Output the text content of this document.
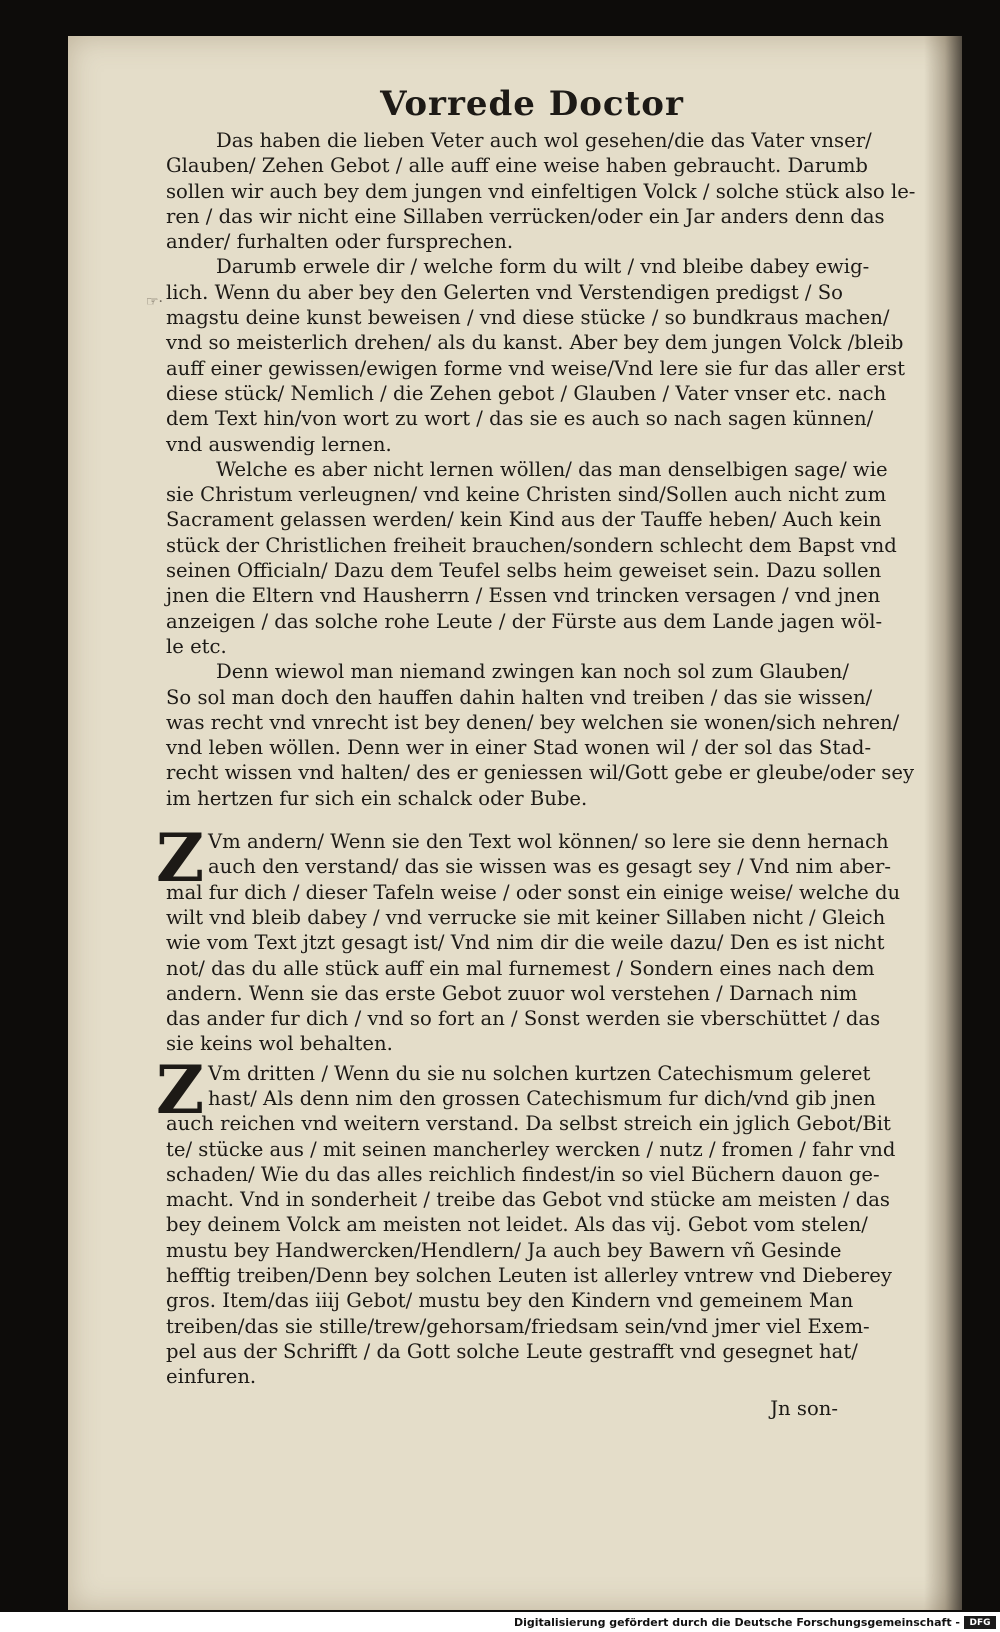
☞·
Vorrede Doctor
Das haben die lieben Veter auch wol gesehen/die das Vater vnser/
Glauben/ Zehen Gebot / alle auff eine weise haben gebraucht. Darumb
sollen wir auch bey dem jungen vnd einfeltigen Volck / solche stück also le-
ren / das wir nicht eine Sillaben verrücken/oder ein Jar anders denn das
ander/ furhalten oder fursprechen.
Darumb erwele dir / welche form du wilt / vnd bleibe dabey ewig-
lich. Wenn du aber bey den Gelerten vnd Verstendigen predigst / So
magstu deine kunst beweisen / vnd diese stücke / so bundkraus machen/
vnd so meisterlich drehen/ als du kanst. Aber bey dem jungen Volck /bleib
auff einer gewissen/ewigen forme vnd weise/Vnd lere sie fur das aller erst
diese stück/ Nemlich / die Zehen gebot / Glauben / Vater vnser etc. nach
dem Text hin/von wort zu wort / das sie es auch so nach sagen künnen/
vnd auswendig lernen.
Welche es aber nicht lernen wöllen/ das man denselbigen sage/ wie
sie Christum verleugnen/ vnd keine Christen sind/Sollen auch nicht zum
Sacrament gelassen werden/ kein Kind aus der Tauffe heben/ Auch kein
stück der Christlichen freiheit brauchen/sondern schlecht dem Bapst vnd
seinen Officialn/ Dazu dem Teufel selbs heim geweiset sein. Dazu sollen
jnen die Eltern vnd Hausherrn / Essen vnd trincken versagen / vnd jnen
anzeigen / das solche rohe Leute / der Fürste aus dem Lande jagen wöl-
le etc.
Denn wiewol man niemand zwingen kan noch sol zum Glauben/
So sol man doch den hauffen dahin halten vnd treiben / das sie wissen/
was recht vnd vnrecht ist bey denen/ bey welchen sie wonen/sich nehren/
vnd leben wöllen. Denn wer in einer Stad wonen wil / der sol das Stad-
recht wissen vnd halten/ des er geniessen wil/Gott gebe er gleube/oder sey
im hertzen fur sich ein schalck oder Bube.
Z Vm andern/ Wenn sie den Text wol können/ so lere sie denn hernach
auch den verstand/ das sie wissen was es gesagt sey / Vnd nim aber-
mal fur dich / dieser Tafeln weise / oder sonst ein einige weise/ welche du
wilt vnd bleib dabey / vnd verrucke sie mit keiner Sillaben nicht / Gleich
wie vom Text jtzt gesagt ist/ Vnd nim dir die weile dazu/ Den es ist nicht
not/ das du alle stück auff ein mal furnemest / Sondern eines nach dem
andern. Wenn sie das erste Gebot zuuor wol verstehen / Darnach nim
das ander fur dich / vnd so fort an / Sonst werden sie vberschüttet / das
sie keins wol behalten.
Z Vm dritten / Wenn du sie nu solchen kurtzen Catechismum geleret
hast/ Als denn nim den grossen Catechismum fur dich/vnd gib jnen
auch reichen vnd weitern verstand. Da selbst streich ein jglich Gebot/Bit
te/ stücke aus / mit seinen mancherley wercken / nutz / fromen / fahr vnd
schaden/ Wie du das alles reichlich findest/in so viel Büchern dauon ge-
macht. Vnd in sonderheit / treibe das Gebot vnd stücke am meisten / das
bey deinem Volck am meisten not leidet. Als das vij. Gebot vom stelen/
mustu bey Handwercken/Hendlern/ Ja auch bey Bawern vñ Gesinde
hefftig treiben/Denn bey solchen Leuten ist allerley vntrew vnd Dieberey
gros. Item/das iiij Gebot/ mustu bey den Kindern vnd gemeinem Man
treiben/das sie stille/trew/gehorsam/friedsam sein/vnd jmer viel Exem-
pel aus der Schrifft / da Gott solche Leute gestrafft vnd gesegnet hat/
einfuren.
Jn son-
Digitalisierung gefördert durch die Deutsche Forschungsgemeinschaft -	DFG
